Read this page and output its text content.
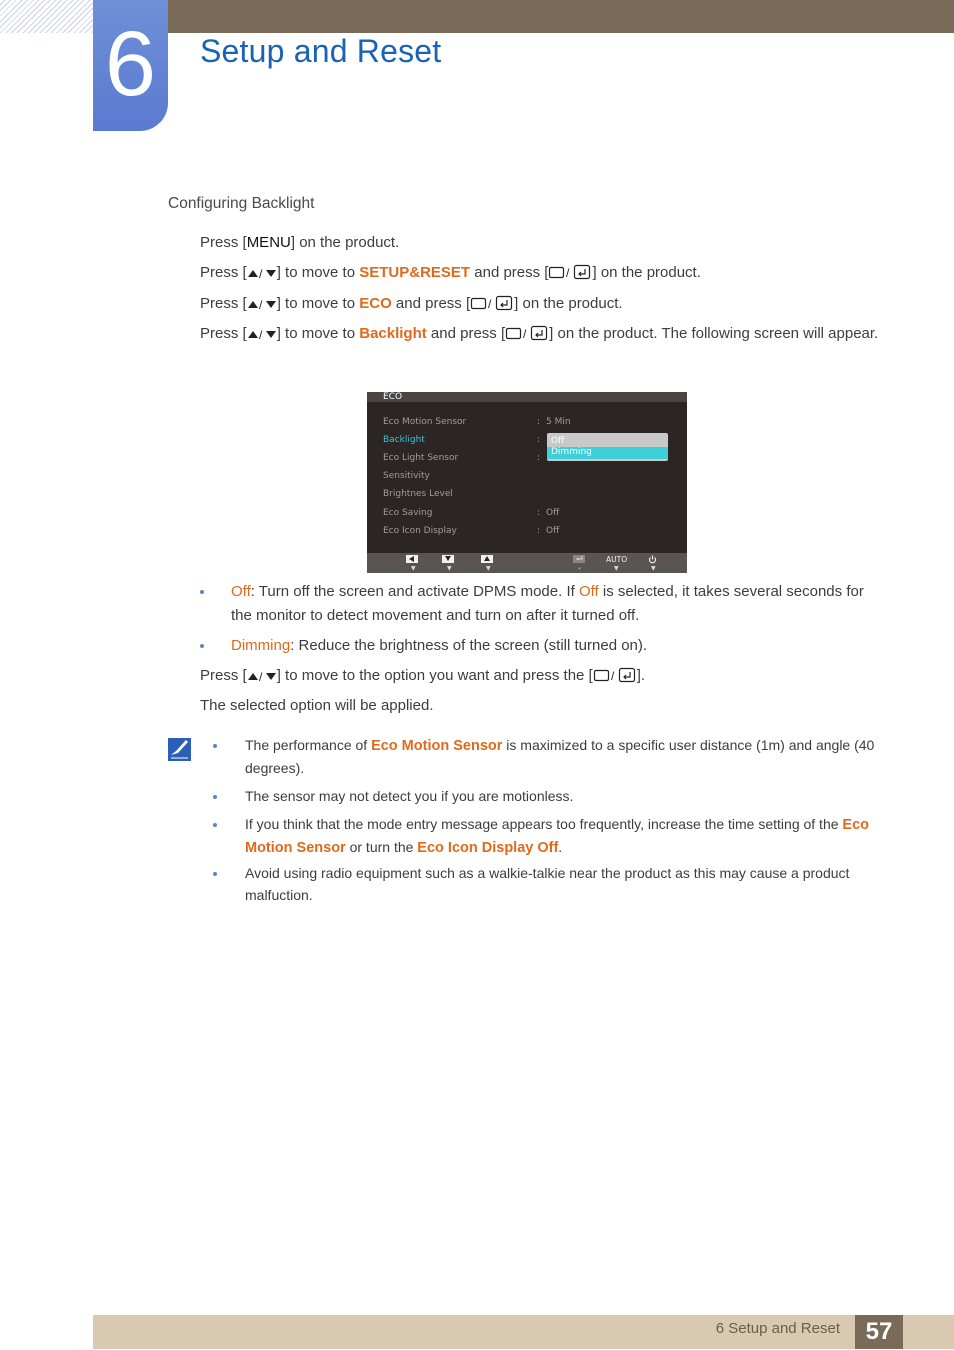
6	Setup and Reset
Configuring Backlight
Press [MENU] on the product.
Press [ / ] to move to SETUP&RESET and press [ / ] on the product.
Press [ / ] to move to ECO and press [ / ] on the product.
Press [ / ] to move to Backlight and press [ / ] on the product. The following screen will appear.
ECO
Eco Motion Sensor	: 5 Min
Backlight	:
Eco Light Sensor	:
Sensitivity
Brightnes Level
Eco Saving	: Off
Eco Icon Display	: Off
Off
Dimming
▼	▼	▼	•
AUTO
▼	▼
Off: Turn off the screen and activate DPMS mode. If Off is selected, it takes several seconds for the monitor to detect movement and turn on after it turned off.
Dimming: Reduce the brightness of the screen (still turned on).
Press [ / ] to move to the option you want and press the [ / ].
The selected option will be applied.
The performance of Eco Motion Sensor is maximized to a specific user distance (1m) and angle (40 degrees).
The sensor may not detect you if you are motionless.
If you think that the mode entry message appears too frequently, increase the time setting of the Eco Motion Sensor or turn the Eco Icon Display Off.
Avoid using radio equipment such as a walkie-talkie near the product as this may cause a product malfuction.
6 Setup and Reset	57
